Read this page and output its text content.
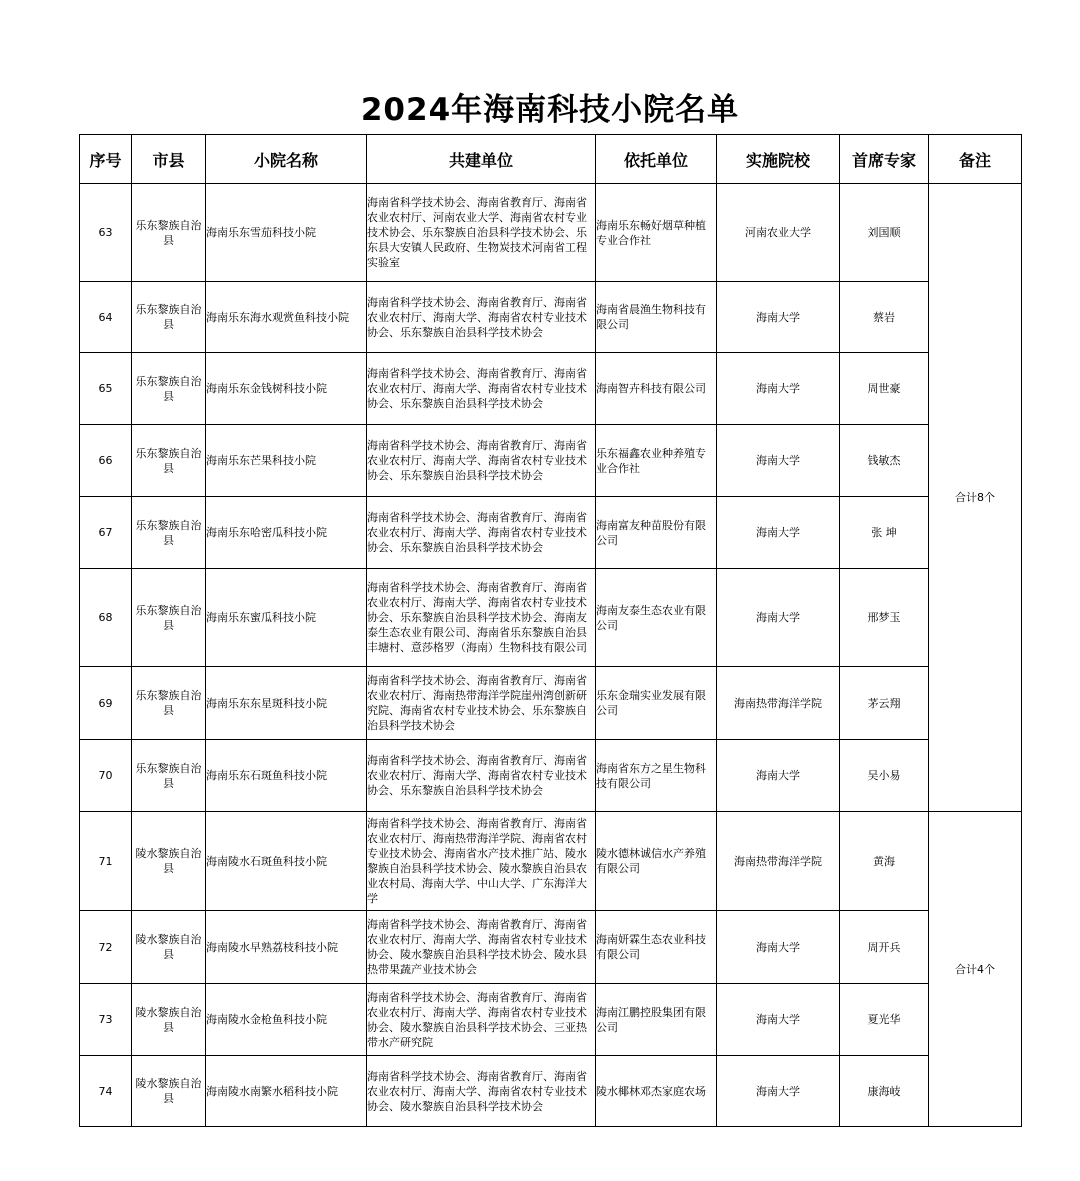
2024年海南科技小院名单
序号	市县	小院名称	共建单位	依托单位	实施院校	首席专家	备注
63	乐东黎族自治县	海南乐东雪茄科技小院	海南省科学技术协会、海南省教育厅、海南省农业农村厅、河南农业大学、海南省农村专业技术协会、乐东黎族自治县科学技术协会、乐东县大安镇人民政府、生物炭技术河南省工程实验室	海南乐东畅好烟草种植专业合作社	河南农业大学	刘国顺	合计8个
64	乐东黎族自治县	海南乐东海水观赏鱼科技小院	海南省科学技术协会、海南省教育厅、海南省农业农村厅、海南大学、海南省农村专业技术协会、乐东黎族自治县科学技术协会	海南省晨渔生物科技有限公司	海南大学	蔡岩	
65	乐东黎族自治县	海南乐东金钱树科技小院	海南省科学技术协会、海南省教育厅、海南省农业农村厅、海南大学、海南省农村专业技术协会、乐东黎族自治县科学技术协会	海南智卉科技有限公司	海南大学	周世豪	
66	乐东黎族自治县	海南乐东芒果科技小院	海南省科学技术协会、海南省教育厅、海南省农业农村厅、海南大学、海南省农村专业技术协会、乐东黎族自治县科学技术协会	乐东福鑫农业种养殖专业合作社	海南大学	钱敏杰	
67	乐东黎族自治县	海南乐东哈密瓜科技小院	海南省科学技术协会、海南省教育厅、海南省农业农村厅、海南大学、海南省农村专业技术协会、乐东黎族自治县科学技术协会	海南富友种苗股份有限公司	海南大学	张 坤	
68	乐东黎族自治县	海南乐东蜜瓜科技小院	海南省科学技术协会、海南省教育厅、海南省农业农村厅、海南大学、海南省农村专业技术协会、乐东黎族自治县科学技术协会、海南友泰生态农业有限公司、海南省乐东黎族自治县丰塘村、意莎格罗（海南）生物科技有限公司	海南友泰生态农业有限公司	海南大学	邢梦玉	
69	乐东黎族自治县	海南乐东东星斑科技小院	海南省科学技术协会、海南省教育厅、海南省农业农村厅、海南热带海洋学院崖州湾创新研究院、海南省农村专业技术协会、乐东黎族自治县科学技术协会	乐东金瑞实业发展有限公司	海南热带海洋学院	茅云翔	
70	乐东黎族自治县	海南乐东石斑鱼科技小院	海南省科学技术协会、海南省教育厅、海南省农业农村厅、海南大学、海南省农村专业技术协会、乐东黎族自治县科学技术协会	海南省东方之星生物科技有限公司	海南大学	吴小易	
71	陵水黎族自治县	海南陵水石斑鱼科技小院	海南省科学技术协会、海南省教育厅、海南省农业农村厅、海南热带海洋学院、海南省农村专业技术协会、海南省水产技术推广站、陵水黎族自治县科学技术协会、陵水黎族自治县农业农村局、海南大学、中山大学、广东海洋大学	陵水德林诚信水产养殖有限公司	海南热带海洋学院	黄海	合计4个
72	陵水黎族自治县	海南陵水早熟荔枝科技小院	海南省科学技术协会、海南省教育厅、海南省农业农村厅、海南大学、海南省农村专业技术协会、陵水黎族自治县科学技术协会、陵水县热带果蔬产业技术协会	海南妍霖生态农业科技有限公司	海南大学	周开兵	
73	陵水黎族自治县	海南陵水金枪鱼科技小院	海南省科学技术协会、海南省教育厅、海南省农业农村厅、海南大学、海南省农村专业技术协会、陵水黎族自治县科学技术协会、三亚热带水产研究院	海南江鹏控股集团有限公司	海南大学	夏光华	
74	陵水黎族自治县	海南陵水南繁水稻科技小院	海南省科学技术协会、海南省教育厅、海南省农业农村厅、海南大学、海南省农村专业技术协会、陵水黎族自治县科学技术协会	陵水椰林邓杰家庭农场	海南大学	康海岐	
